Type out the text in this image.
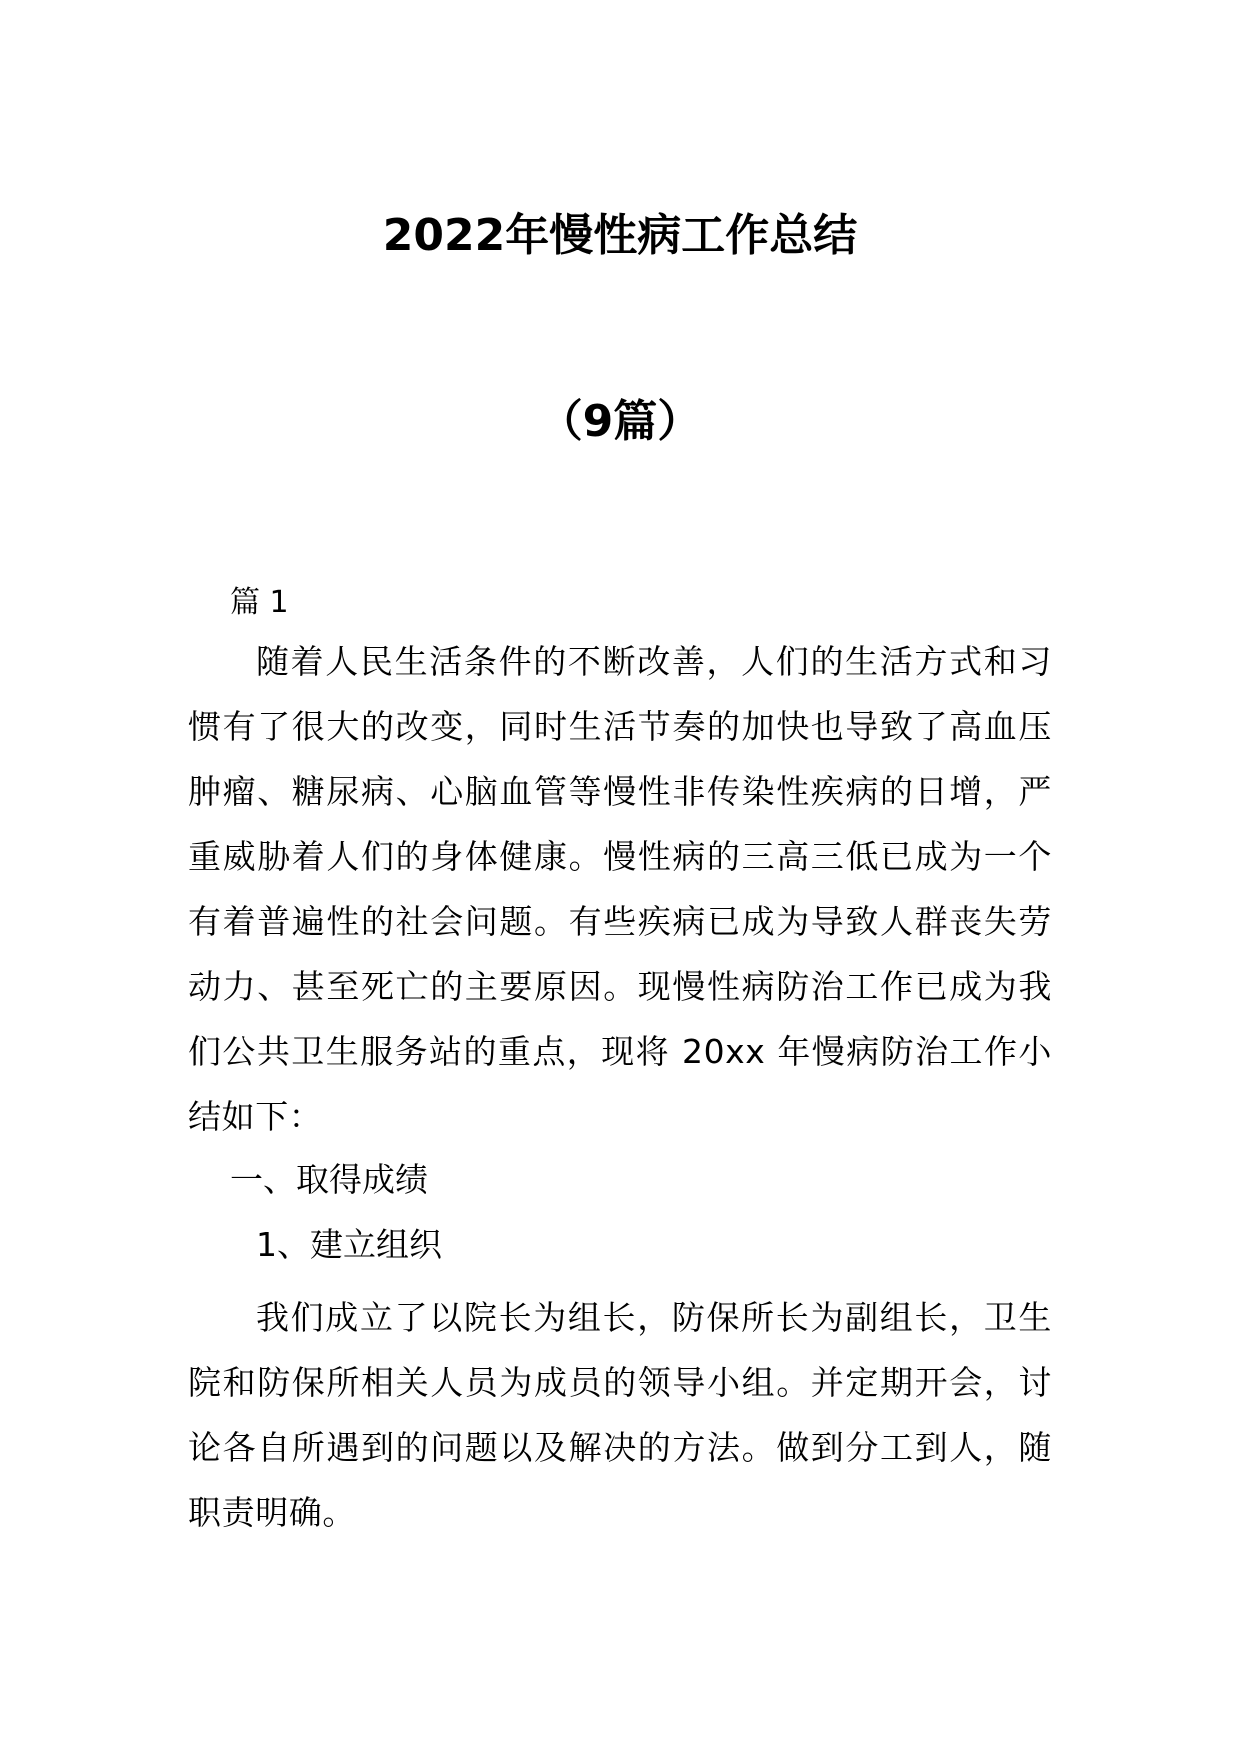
2022年慢性病工作总结
（9篇）
篇 1
随着人民生活条件的不断改善，人们的生活方式和习惯有了很大的改变，同时生活节奏的加快也导致了高血压肿瘤、糖尿病、心脑血管等慢性非传染性疾病的日增，严重威胁着人们的身体健康。慢性病的三高三低已成为一个有着普遍性的社会问题。有些疾病已成为导致人群丧失劳动力、甚至死亡的主要原因。现慢性病防治工作已成为我们公共卫生服务站的重点，现将 20xx 年慢病防治工作小结如下：
一、取得成绩
1、建立组织
我们成立了以院长为组长，防保所长为副组长，卫生院和防保所相关人员为成员的领导小组。并定期开会，讨论各自所遇到的问题以及解决的方法。做到分工到人，随职责明确。
